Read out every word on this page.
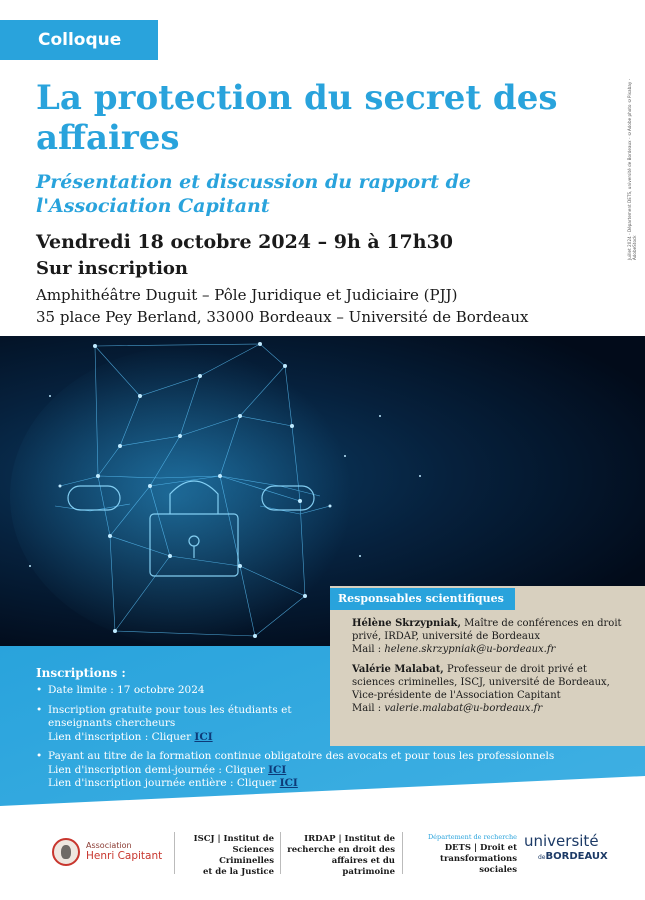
Colloque
Juillet 2024 - Département DETS, université de Bordeaux - ©Adobe photo ©Pixabay - AdobeStock
La protection du secret des affaires
Présentation et discussion du rapport de l'Association Capitant
Vendredi 18 octobre 2024 – 9h à 17h30
Sur inscription
Amphithéâtre Duguit – Pôle Juridique et Judiciaire (PJJ)
35 place Pey Berland, 33000 Bordeaux – Université de Bordeaux
Responsables scientifiques
Hélène Skrzypniak, Maître de conférences en droit privé, IRDAP, université de Bordeaux
Mail : helene.skrzypniak@u-bordeaux.fr
Valérie Malabat, Professeur de droit privé et sciences criminelles, ISCJ, université de Bordeaux, Vice-présidente de l'Association Capitant
Mail : valerie.malabat@u-bordeaux.fr
Inscriptions :
• Date limite : 17 octobre 2024
• Inscription gratuite pour tous les étudiants et enseignants chercheurs
Lien d'inscription : Cliquer ICI
• Payant au titre de la formation continue obligatoire des avocats et pour tous les professionnels
Lien d'inscription demi-journée : Cliquer ICI
Lien d'inscription journée entière : Cliquer ICI
Association
Henri Capitant
ISCJ | Institut de
Sciences Criminelles
et de la Justice
IRDAP | Institut de
recherche en droit des
affaires et du patrimoine
Département de recherche
DETS | Droit et
transformations sociales
université
deBORDEAUX
